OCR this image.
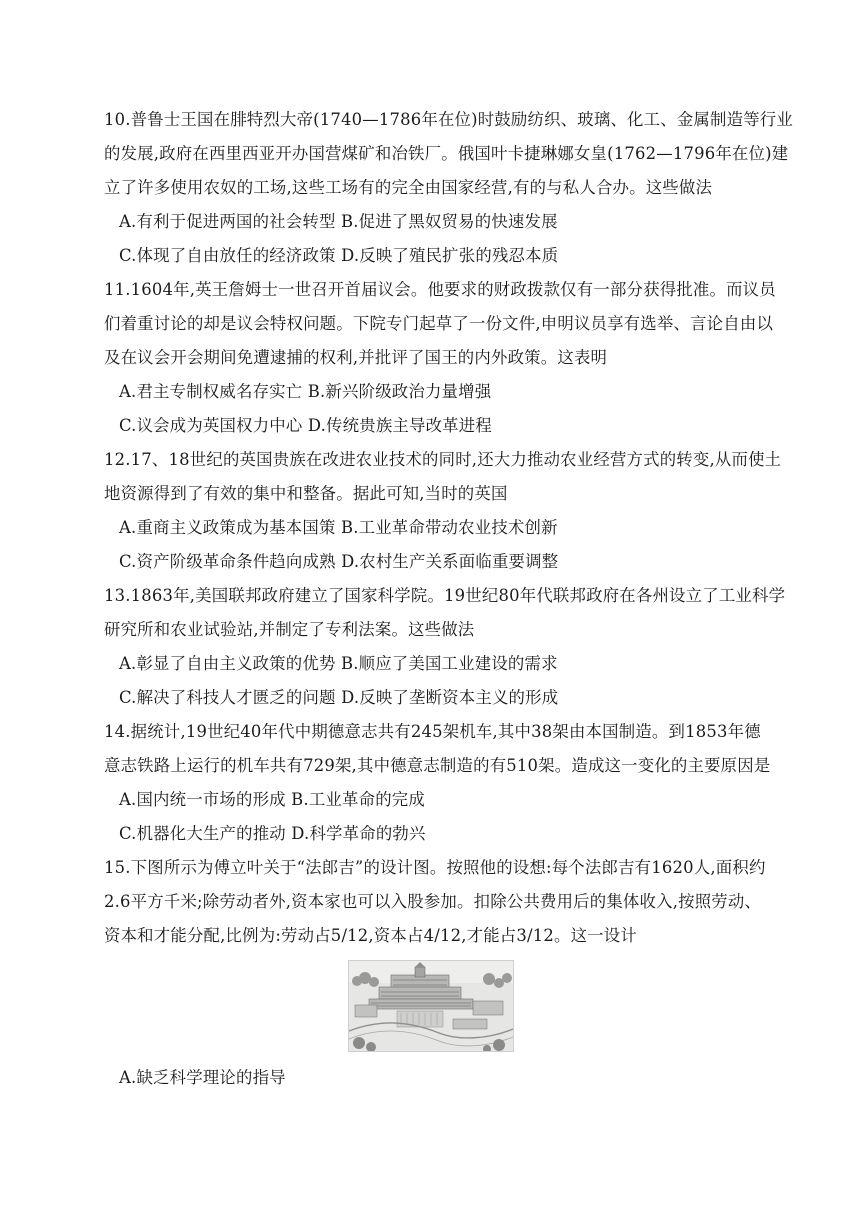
10.普鲁士王国在腓特烈大帝(1740—1786年在位)时鼓励纺织、玻璃、化工、金属制造等行业
的发展,政府在西里西亚开办国营煤矿和冶铁厂。俄国叶卡捷琳娜女皇(1762—1796年在位)建
立了许多使用农奴的工场,这些工场有的完全由国家经营,有的与私人合办。这些做法
A.有利于促进两国的社会转型 B.促进了黑奴贸易的快速发展
C.体现了自由放任的经济政策 D.反映了殖民扩张的残忍本质
11.1604年,英王詹姆士一世召开首届议会。他要求的财政拨款仅有一部分获得批准。而议员
们着重讨论的却是议会特权问题。下院专门起草了一份文件,申明议员享有选举、言论自由以
及在议会开会期间免遭逮捕的权利,并批评了国王的内外政策。这表明
A.君主专制权威名存实亡 B.新兴阶级政治力量增强
C.议会成为英国权力中心 D.传统贵族主导改革进程
12.17、18世纪的英国贵族在改进农业技术的同时,还大力推动农业经营方式的转变,从而使土
地资源得到了有效的集中和整备。据此可知,当时的英国
A.重商主义政策成为基本国策 B.工业革命带动农业技术创新
C.资产阶级革命条件趋向成熟 D.农村生产关系面临重要调整
13.1863年,美国联邦政府建立了国家科学院。19世纪80年代联邦政府在各州设立了工业科学
研究所和农业试验站,并制定了专利法案。这些做法
A.彰显了自由主义政策的优势 B.顺应了美国工业建设的需求
C.解决了科技人才匮乏的问题 D.反映了垄断资本主义的形成
14.据统计,19世纪40年代中期德意志共有245架机车,其中38架由本国制造。到1853年德
意志铁路上运行的机车共有729架,其中德意志制造的有510架。造成这一变化的主要原因是
A.国内统一市场的形成 B.工业革命的完成
C.机器化大生产的推动 D.科学革命的勃兴
15.下图所示为傅立叶关于“法郎吉”的设计图。按照他的设想:每个法郎吉有1620人,面积约
2.6平方千米;除劳动者外,资本家也可以入股参加。扣除公共费用后的集体收入,按照劳动、
资本和才能分配,比例为:劳动占5/12,资本占4/12,才能占3/12。这一设计
A.缺乏科学理论的指导
